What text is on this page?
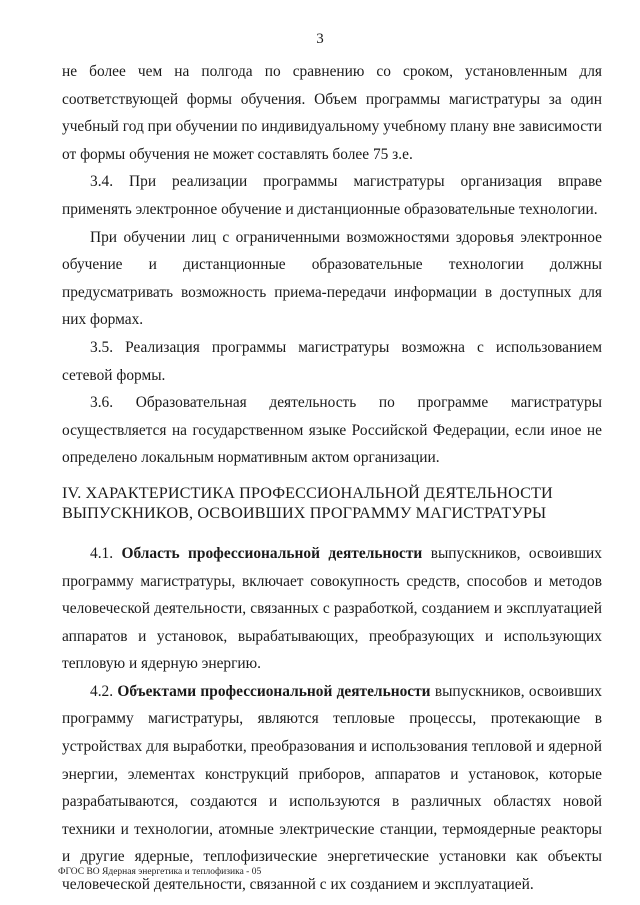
3

не более чем на полгода по сравнению со сроком, установленным для соответствующей формы обучения. Объем программы магистратуры за один учебный год при обучении по индивидуальному учебному плану вне зависимости от формы обучения не может составлять более 75 з.е.

3.4. При реализации программы магистратуры организация вправе применять электронное обучение и дистанционные образовательные технологии.

При обучении лиц с ограниченными возможностями здоровья электронное обучение и дистанционные образовательные технологии должны предусматривать возможность приема-передачи информации в доступных для них формах.

3.5. Реализация программы магистратуры возможна с использованием сетевой формы.

3.6. Образовательная деятельность по программе магистратуры осуществляется на государственном языке Российской Федерации, если иное не определено локальным нормативным актом организации.

IV. ХАРАКТЕРИСТИКА ПРОФЕССИОНАЛЬНОЙ ДЕЯТЕЛЬНОСТИ
ВЫПУСКНИКОВ, ОСВОИВШИХ ПРОГРАММУ МАГИСТРАТУРЫ

4.1. Область профессиональной деятельности выпускников, освоивших программу магистратуры, включает совокупность средств, способов и методов человеческой деятельности, связанных с разработкой, созданием и эксплуатацией аппаратов и установок, вырабатывающих, преобразующих и использующих тепловую и ядерную энергию.

4.2. Объектами профессиональной деятельности выпускников, освоивших программу магистратуры, являются тепловые процессы, протекающие в устройствах для выработки, преобразования и использования тепловой и ядерной энергии, элементах конструкций приборов, аппаратов и установок, которые разрабатываются, создаются и используются в различных областях новой техники и технологии, атомные электрические станции, термоядерные реакторы и другие ядерные, теплофизические энергетические установки как объекты человеческой деятельности, связанной с их созданием и эксплуатацией.

ФГОС ВО Ядерная энергетика и теплофизика - 05
